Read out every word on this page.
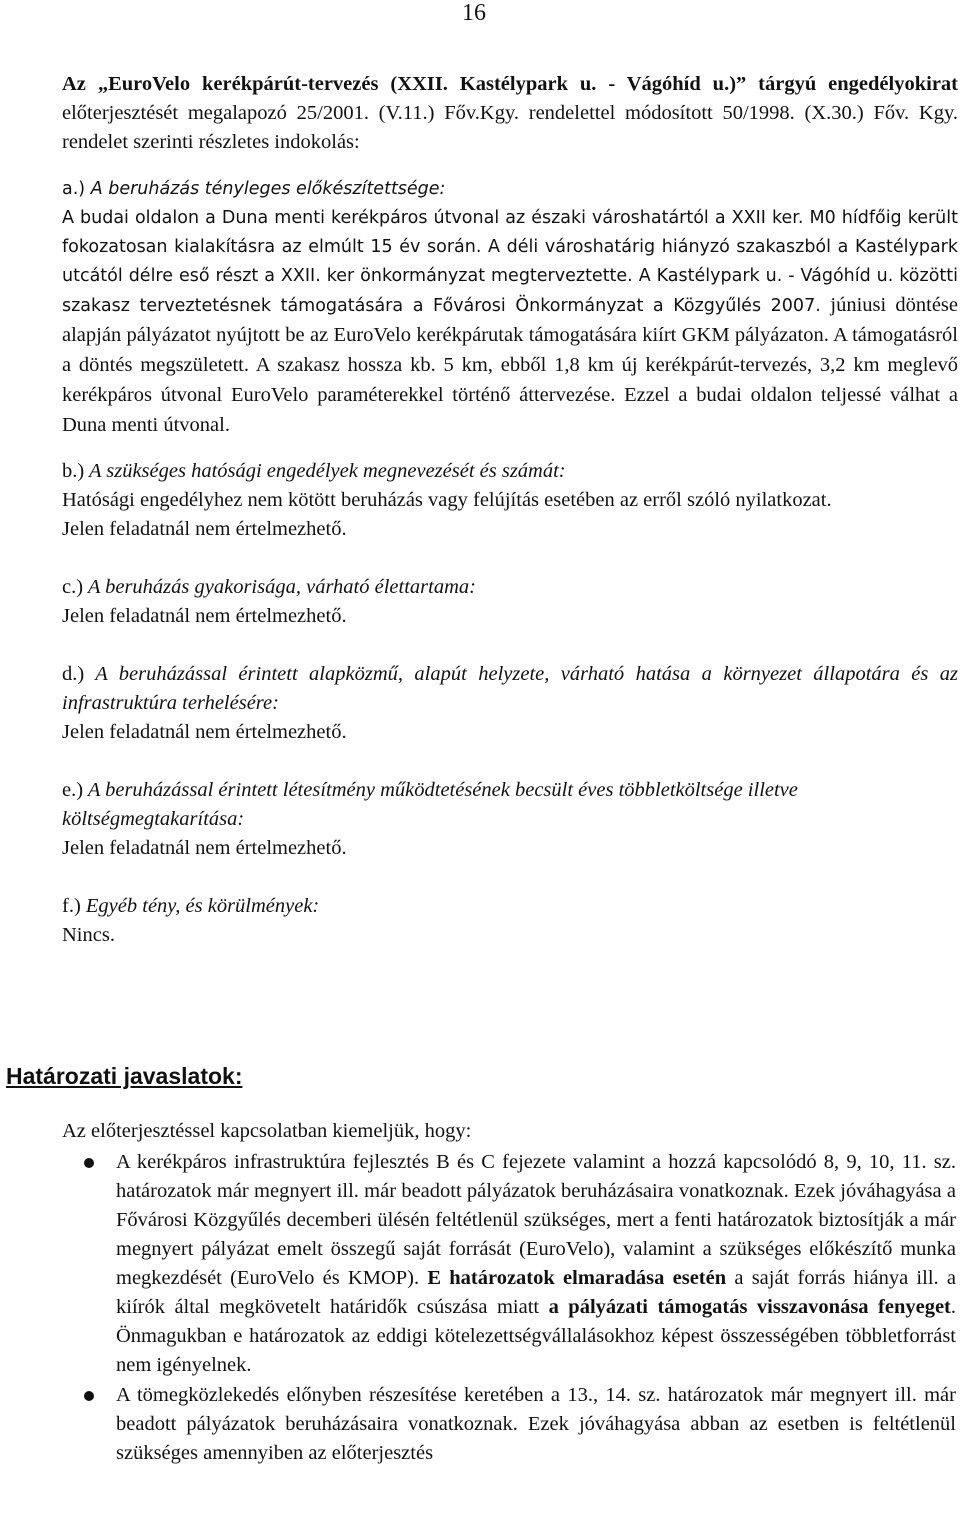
16

Az „EuroVelo kerékpárút-tervezés (XXII. Kastélypark u. - Vágóhíd u.)” tárgyú engedélyokirat előterjesztését megalapozó 25/2001. (V.11.) Főv.Kgy. rendelettel módosított 50/1998. (X.30.) Főv. Kgy. rendelet szerinti részletes indokolás:

a.) A beruházás tényleges előkészítettsége:

A budai oldalon a Duna menti kerékpáros útvonal az északi városhatártól a XXII ker. M0 hídfőig került fokozatosan kialakításra az elmúlt 15 év során. A déli városhatárig hiányzó szakaszból a Kastélypark utcától délre eső részt a XXII. ker önkormányzat megterveztette. A Kastélypark u. - Vágóhíd u. közötti szakasz terveztetésnek támogatására a Fővárosi Önkormányzat a Közgyűlés 2007. júniusi döntése alapján pályázatot nyújtott be az EuroVelo kerékpárutak támogatására kiírt GKM pályázaton. A támogatásról a döntés megszületett. A szakasz hossza kb. 5 km, ebből 1,8 km új kerékpárút-tervezés, 3,2 km meglevő kerékpáros útvonal EuroVelo paraméterekkel történő áttervezése. Ezzel a budai oldalon teljessé válhat a Duna menti útvonal.

b.) A szükséges hatósági engedélyek megnevezését és számát:

Hatósági engedélyhez nem kötött beruházás vagy felújítás esetében az erről szóló nyilatkozat.

Jelen feladatnál nem értelmezhető.

c.) A beruházás gyakorisága, várható élettartama:

Jelen feladatnál nem értelmezhető.

d.) A beruházással érintett alapközmű, alapút helyzete, várható hatása a környezet állapotára és az infrastruktúra terhelésére:

Jelen feladatnál nem értelmezhető.

e.) A beruházással érintett létesítmény működtetésének becsült éves többletköltsége illetve költségmegtakarítása:

Jelen feladatnál nem értelmezhető.

f.) Egyéb tény, és körülmények:

Nincs.

Határozati javaslatok:

Az előterjesztéssel kapcsolatban kiemeljük, hogy:

A kerékpáros infrastruktúra fejlesztés B és C fejezete valamint a hozzá kapcsolódó 8, 9, 10, 11. sz. határozatok már megnyert ill. már beadott pályázatok beruházásaira vonatkoznak. Ezek jóváhagyása a Fővárosi Közgyűlés decemberi ülésén feltétlenül szükséges, mert a fenti határozatok biztosítják a már megnyert pályázat emelt összegű saját forrását (EuroVelo), valamint a szükséges előkészítő munka megkezdését (EuroVelo és KMOP). E határozatok elmaradása esetén a saját forrás hiánya ill. a kiírók által megkövetelt határidők csúszása miatt a pályázati támogatás visszavonása fenyeget. Önmagukban e határozatok az eddigi kötelezettségvállalásokhoz képest összességében többletforrást nem igényelnek.
A tömegközlekedés előnyben részesítése keretében a 13., 14. sz. határozatok már megnyert ill. már beadott pályázatok beruházásaira vonatkoznak. Ezek jóváhagyása abban az esetben is feltétlenül szükséges amennyiben az előterjesztés
